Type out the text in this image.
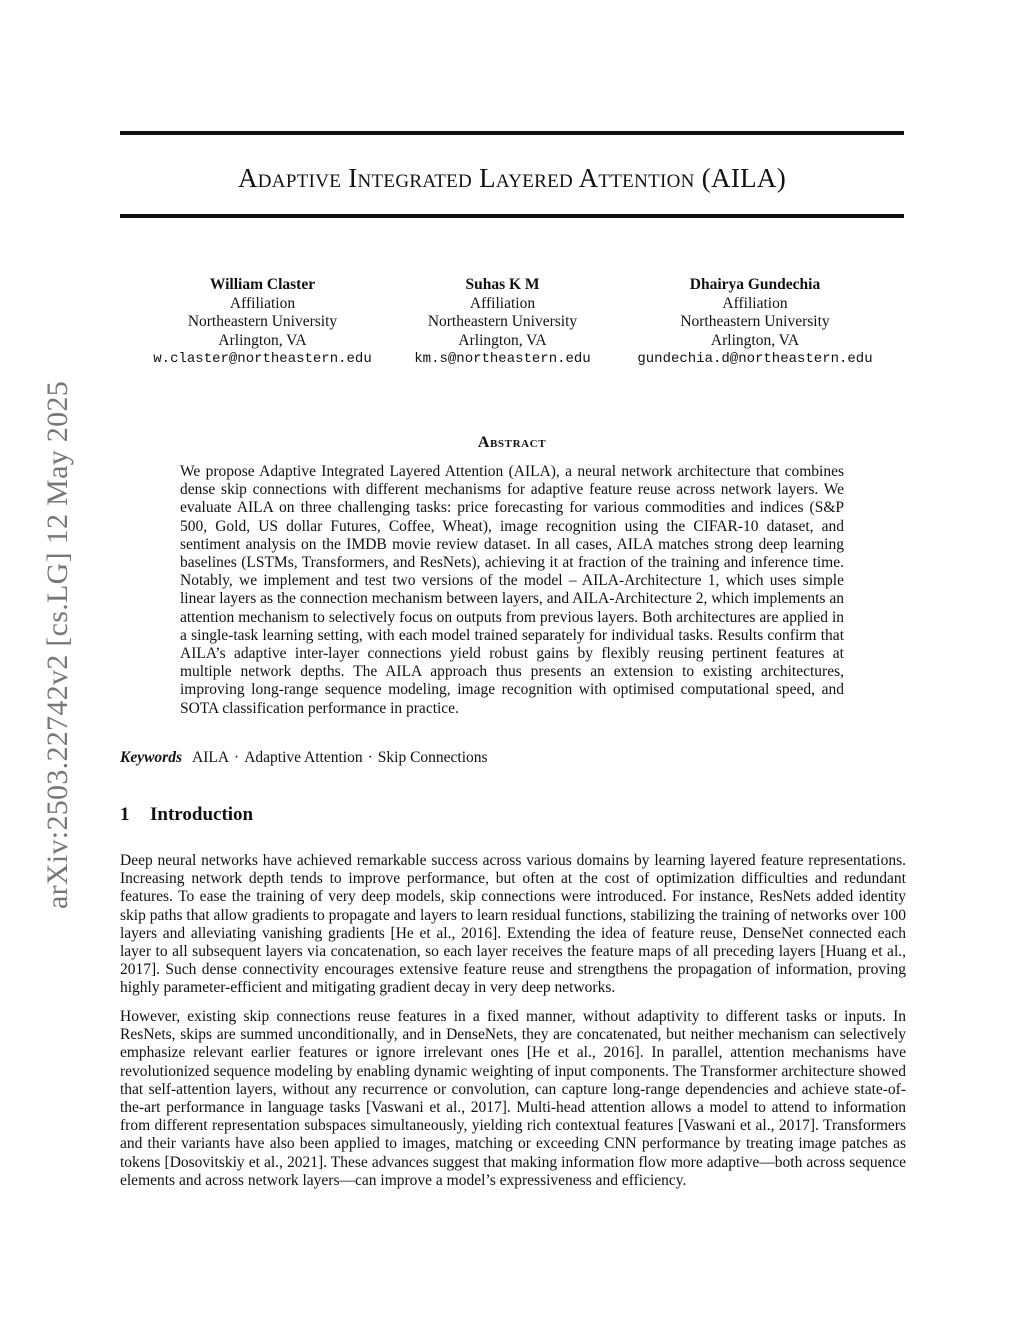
arXiv:2503.22742v2 [cs.LG] 12 May 2025
Adaptive Integrated Layered Attention (AILA)
William Claster
Affiliation
Northeastern University
Arlington, VA
w.claster@northeastern.edu
Suhas K M
Affiliation
Northeastern University
Arlington, VA
km.s@northeastern.edu
Dhairya Gundechia
Affiliation
Northeastern University
Arlington, VA
gundechia.d@northeastern.edu
Abstract

We propose Adaptive Integrated Layered Attention (AILA), a neural network architecture that combines dense skip connections with different mechanisms for adaptive feature reuse across network layers. We evaluate AILA on three challenging tasks: price forecasting for various commodities and indices (S&P 500, Gold, US dollar Futures, Coffee, Wheat), image recognition using the CIFAR-10 dataset, and sentiment analysis on the IMDB movie review dataset. In all cases, AILA matches strong deep learning baselines (LSTMs, Transformers, and ResNets), achieving it at fraction of the training and inference time. Notably, we implement and test two versions of the model – AILA-Architecture 1, which uses simple linear layers as the connection mechanism between layers, and AILA-Architecture 2, which implements an attention mechanism to selectively focus on outputs from previous layers. Both architectures are applied in a single-task learning setting, with each model trained separately for individual tasks. Results confirm that AILA’s adaptive inter-layer connections yield robust gains by flexibly reusing pertinent features at multiple network depths. The AILA approach thus presents an extension to existing architectures, improving long-range sequence modeling, image recognition with optimised computational speed, and SOTA classification performance in practice.

Keywords AILA · Adaptive Attention · Skip Connections
1 Introduction

Deep neural networks have achieved remarkable success across various domains by learning layered feature representations. Increasing network depth tends to improve performance, but often at the cost of optimization difficulties and redundant features. To ease the training of very deep models, skip connections were introduced. For instance, ResNets added identity skip paths that allow gradients to propagate and layers to learn residual functions, stabilizing the training of networks over 100 layers and alleviating vanishing gradients [He et al., 2016]. Extending the idea of feature reuse, DenseNet connected each layer to all subsequent layers via concatenation, so each layer receives the feature maps of all preceding layers [Huang et al., 2017]. Such dense connectivity encourages extensive feature reuse and strengthens the propagation of information, proving highly parameter-efficient and mitigating gradient decay in very deep networks.

However, existing skip connections reuse features in a fixed manner, without adaptivity to different tasks or inputs. In ResNets, skips are summed unconditionally, and in DenseNets, they are concatenated, but neither mechanism can selectively emphasize relevant earlier features or ignore irrelevant ones [He et al., 2016]. In parallel, attention mechanisms have revolutionized sequence modeling by enabling dynamic weighting of input components. The Transformer architecture showed that self-attention layers, without any recurrence or convolution, can capture long-range dependencies and achieve state-of-the-art performance in language tasks [Vaswani et al., 2017]. Multi-head attention allows a model to attend to information from different representation subspaces simultaneously, yielding rich contextual features [Vaswani et al., 2017]. Transformers and their variants have also been applied to images, matching or exceeding CNN performance by treating image patches as tokens [Dosovitskiy et al., 2021]. These advances suggest that making information flow more adaptive—both across sequence elements and across network layers—can improve a model’s expressiveness and efficiency.
